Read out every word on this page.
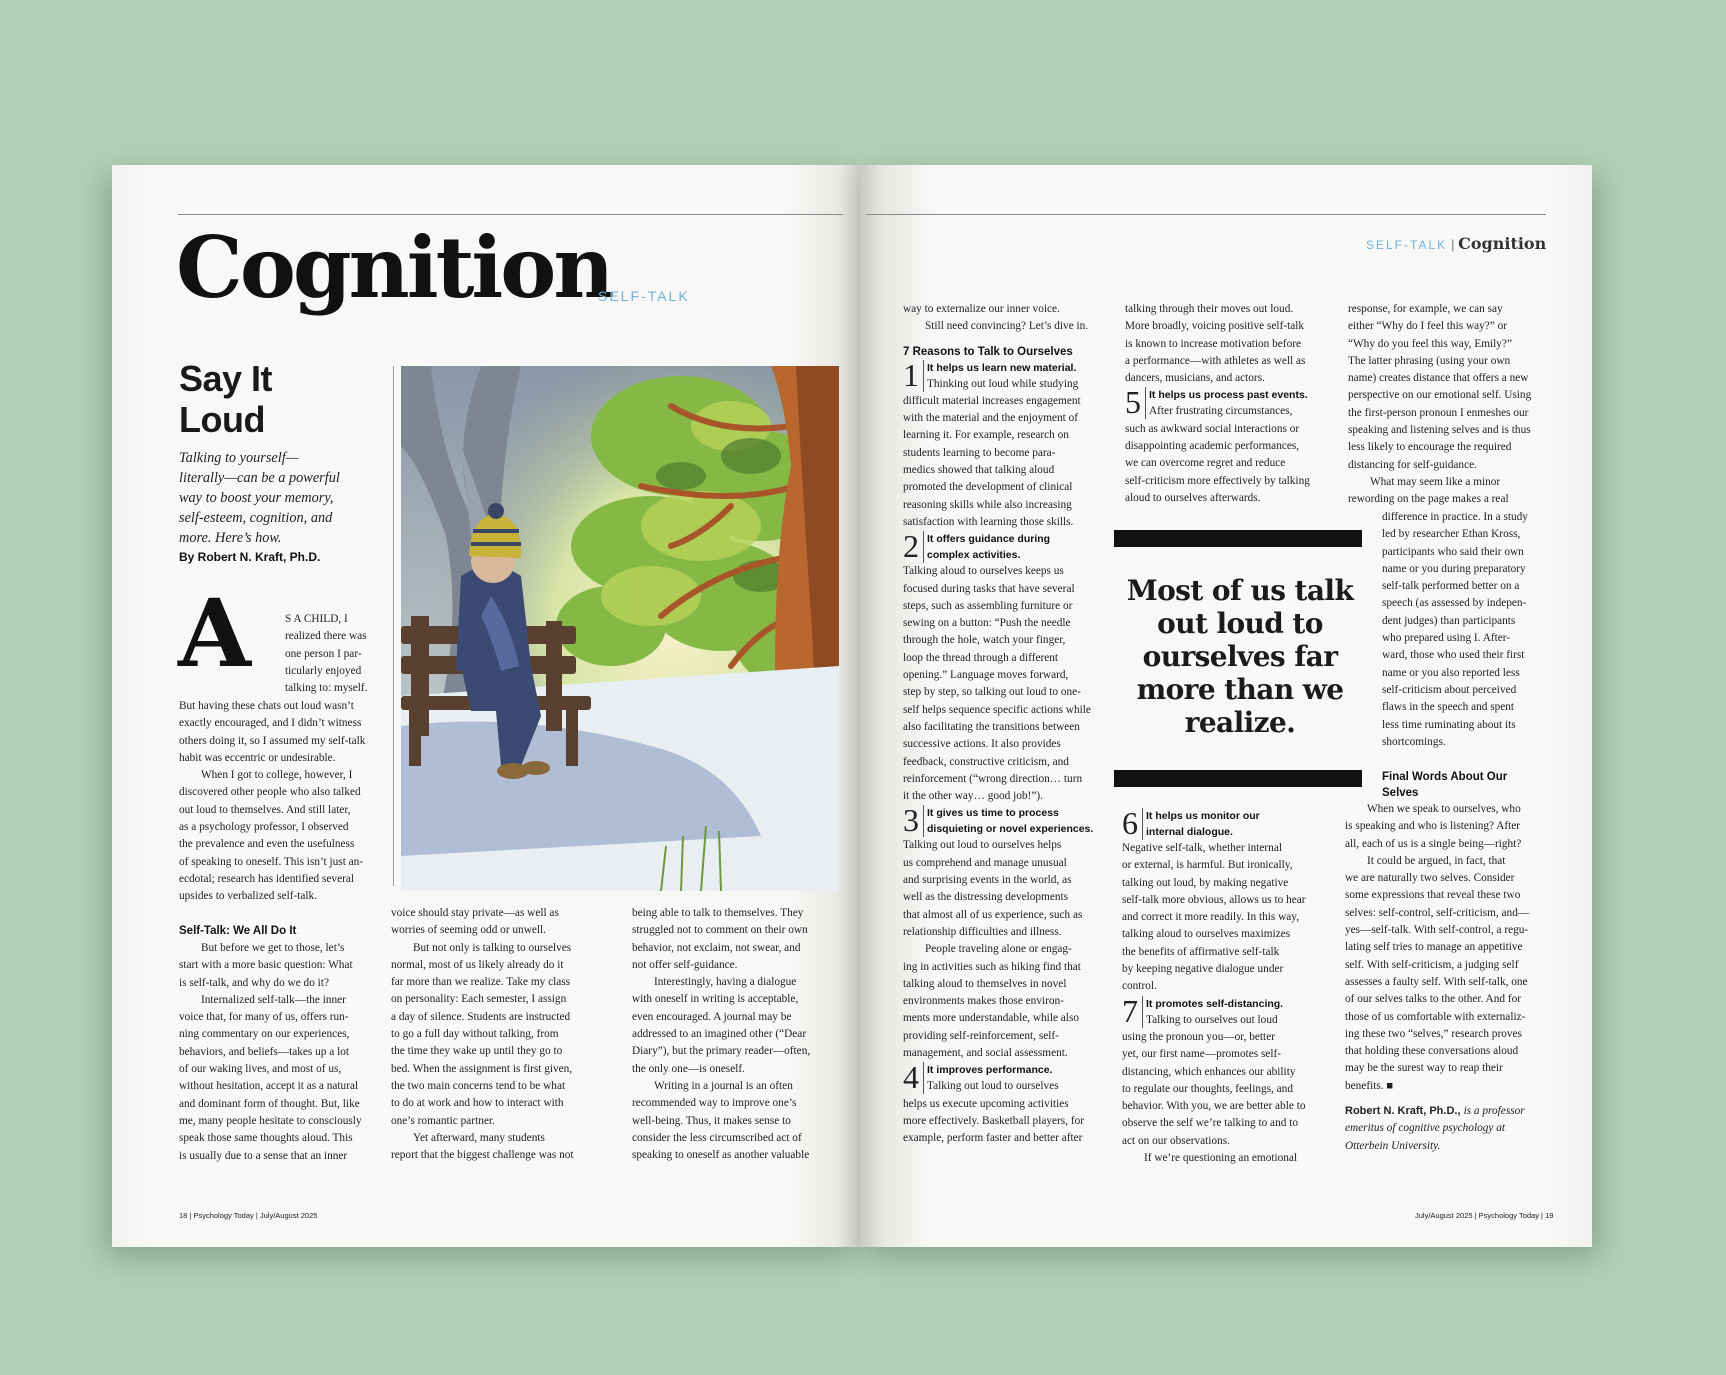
Cognition
SELF-TALK
Say It
Loud
Talking to yourself—
literally—can be a powerful
way to boost your memory,
self-esteem, cognition, and
more. Here’s how.
By Robert N. Kraft, Ph.D.
A	S A CHILD, I
realized there was
one person I par-
ticularly enjoyed
talking to: myself.

But having these chats out loud wasn’t
exactly encouraged, and I didn’t witness
others doing it, so I assumed my self-talk
habit was eccentric or undesirable.

When I got to college, however, I
discovered other people who also talked
out loud to themselves. And still later,
as a psychology professor, I observed
the prevalence and even the usefulness
of speaking to oneself. This isn’t just an-
ecdotal; research has identified several
upsides to verbalized self-talk.

Self-Talk: We All Do It

But before we get to those, let’s
start with a more basic question: What
is self-talk, and why do we do it?

Internalized self-talk—the inner
voice that, for many of us, offers run-
ning commentary on our experiences,
behaviors, and beliefs—takes up a lot
of our waking lives, and most of us,
without hesitation, accept it as a natural
and dominant form of thought. But, like
me, many people hesitate to consciously
speak those same thoughts aloud. This
is usually due to a sense that an inner

voice should stay private—as well as
worries of seeming odd or unwell.

But not only is talking to ourselves
normal, most of us likely already do it
far more than we realize. Take my class
on personality: Each semester, I assign
a day of silence. Students are instructed
to go a full day without talking, from
the time they wake up until they go to
bed. When the assignment is first given,
the two main concerns tend to be what
to do at work and how to interact with
one’s romantic partner.

Yet afterward, many students
report that the biggest challenge was not

being able to talk to themselves. They
struggled not to comment on their own
behavior, not exclaim, not swear, and
not offer self-guidance.

Interestingly, having a dialogue
with oneself in writing is acceptable,
even encouraged. A journal may be
addressed to an imagined other (“Dear
Diary”), but the primary reader—often,
the only one—is oneself.

Writing in a journal is an often
recommended way to improve one’s
well-being. Thus, it makes sense to
consider the less circumscribed act of
speaking to oneself as another valuable

18 | Psychology Today | July/August 2025
SELF-TALK | Cognition

way to externalize our inner voice.

Still need convincing? Let’s dive in.

7 Reasons to Talk to Ourselves
1 It helps us learn new material.
Thinking out loud while studying
difficult material increases engagement
with the material and the enjoyment of
learning it. For example, research on
students learning to become para-
medics showed that talking aloud
promoted the development of clinical
reasoning skills while also increasing
satisfaction with learning those skills.
2 It offers guidance during
complex activities.
Talking aloud to ourselves keeps us
focused during tasks that have several
steps, such as assembling furniture or
sewing on a button: “Push the needle
through the hole, watch your finger,
loop the thread through a different
opening.” Language moves forward,
step by step, so talking out loud to one-
self helps sequence specific actions while
also facilitating the transitions between
successive actions. It also provides
feedback, constructive criticism, and
reinforcement (“wrong direction… turn
it the other way… good job!”).
3 It gives us time to process
disquieting or novel experiences.
Talking out loud to ourselves helps
us comprehend and manage unusual
and surprising events in the world, as
well as the distressing developments
that almost all of us experience, such as
relationship difficulties and illness.

People traveling alone or engag-
ing in activities such as hiking find that
talking aloud to themselves in novel
environments makes those environ-
ments more understandable, while also
providing self-reinforcement, self-
management, and social assessment.

4 It improves performance.
Talking out loud to ourselves
helps us execute upcoming activities
more effectively. Basketball players, for
example, perform faster and better after
talking through their moves out loud.
More broadly, voicing positive self-talk
is known to increase motivation before
a performance—with athletes as well as
dancers, musicians, and actors.
5 It helps us process past events.
After frustrating circumstances,
such as awkward social interactions or
disappointing academic performances,
we can overcome regret and reduce
self-criticism more effectively by talking
aloud to ourselves afterwards.
6 It helps us monitor our
internal dialogue.
Negative self-talk, whether internal
or external, is harmful. But ironically,
talking out loud, by making negative
self-talk more obvious, allows us to hear
and correct it more readily. In this way,
talking aloud to ourselves maximizes
the benefits of affirmative self-talk
by keeping negative dialogue under
control.
7 It promotes self-distancing.
Talking to ourselves out loud
using the pronoun you—or, better
yet, our first name—promotes self-
distancing, which enhances our ability
to regulate our thoughts, feelings, and
behavior. With you, we are better able to
observe the self we’re talking to and to
act on our observations.

If we’re questioning an emotional

response, for example, we can say
either “Why do I feel this way?” or
“Why do you feel this way, Emily?”
The latter phrasing (using your own
name) creates distance that offers a new
perspective on our emotional self. Using
the first-person pronoun I enmeshes our
speaking and listening selves and is thus
less likely to encourage the required
distancing for self-guidance.

What may seem like a minor
rewording on the page makes a real

difference in practice. In a study
led by researcher Ethan Kross,
participants who said their own
name or you during preparatory
self-talk performed better on a
speech (as assessed by indepen-
dent judges) than participants
who prepared using I. After-
ward, those who used their first
name or you also reported less
self-criticism about perceived
flaws in the speech and spent
less time ruminating about its
shortcomings.
Final Words About Our
Selves

When we speak to ourselves, who
is speaking and who is listening? After
all, each of us is a single being—right?

It could be argued, in fact, that
we are naturally two selves. Consider
some expressions that reveal these two
selves: self-control, self-criticism, and—
yes—self-talk. With self-control, a regu-
lating self tries to manage an appetitive
self. With self-criticism, a judging self
assesses a faulty self. With self-talk, one
of our selves talks to the other. And for
those of us comfortable with externaliz-
ing these two “selves,” research proves
that holding these conversations aloud
may be the surest way to reap their
benefits. ■

Robert N. Kraft, Ph.D., is a professor
emeritus of cognitive psychology at
Otterbein University.
Most of us talk
out loud to
ourselves far
more than we
realize.
July/August 2025 | Psychology Today | 19
